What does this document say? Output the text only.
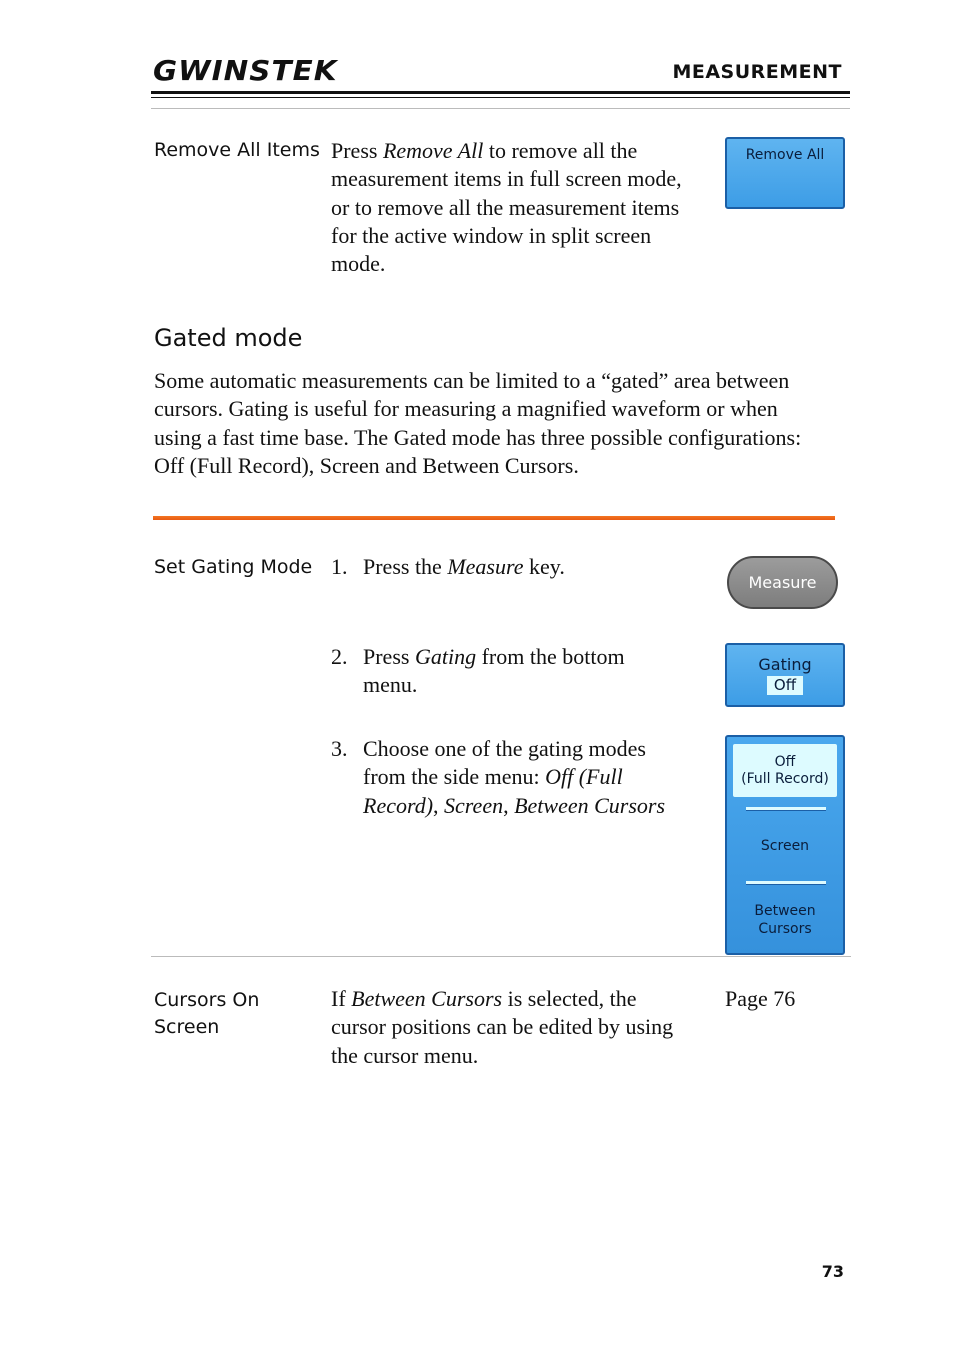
GWINSTEK	MEASUREMENT
Remove All Items Press Remove All to remove all the measurement items in full screen mode, or to remove all the measurement items for the active window in split screen mode.
Remove All
Gated mode
Some automatic measurements can be limited to a “gated” area between cursors. Gating is useful for measuring a magnified waveform or when using a fast time base. The Gated mode has three possible configurations: Off (Full Record), Screen and Between Cursors.
Set Gating Mode 1. Press the Measure key.
2. Press Gating from the bottom menu.
3. Choose one of the gating modes from the side menu: Off (Full Record), Screen, Between Cursors
Measure
Gating
Off
Off
(Full Record)
Screen
Between
Cursors
Cursors On
Screen
If Between Cursors is selected, the cursor positions can be edited by using the cursor menu.
Page 76
73
